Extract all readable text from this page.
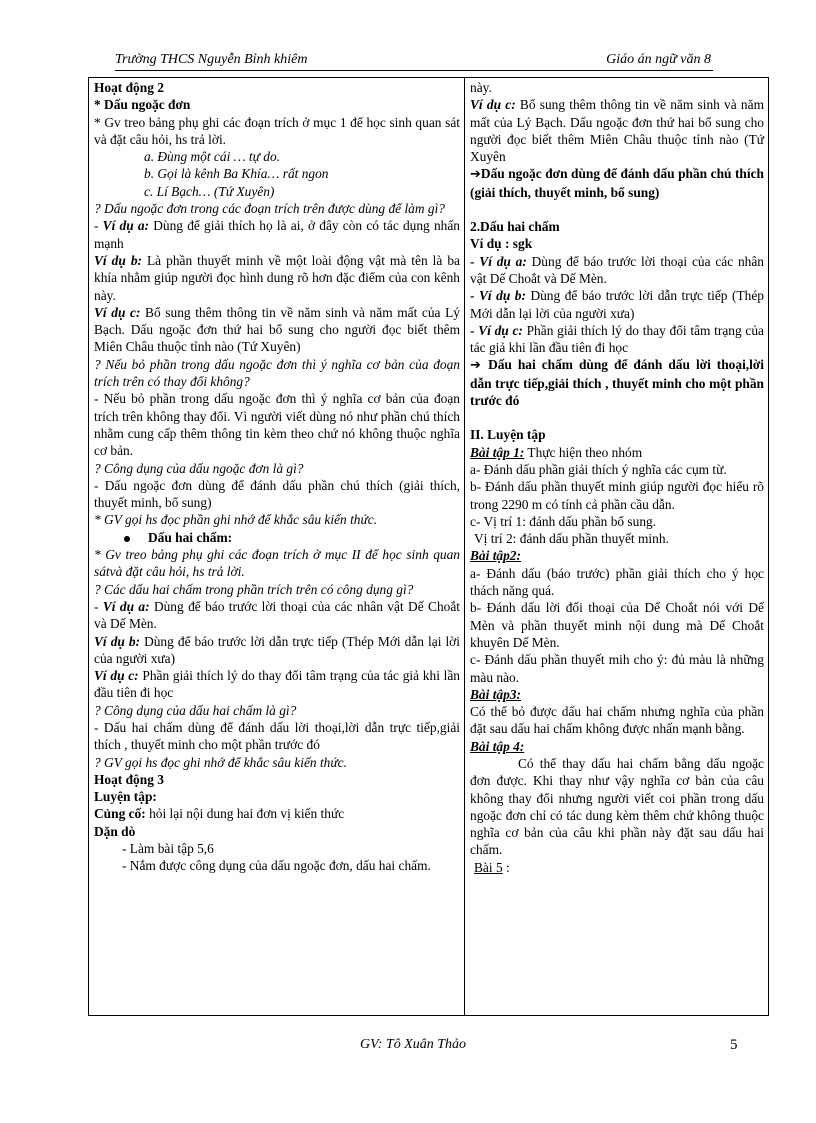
Trường THCS Nguyễn Bỉnh khiêm	Giáo án ngữ văn 8

Hoạt động 2

* Dấu ngoặc đơn

* Gv treo bảng phụ ghi các đoạn trích ở mục 1 để học sinh quan sát và đặt câu hỏi, hs trả lời.

a. Đùng một cái … tự do.

b. Gọi là kênh Ba Khía… rất ngon

c. Lí Bạch… (Tứ Xuyên)

? Dấu ngoặc đơn trong các đoạn trích trên được dùng để làm gì?

- Ví dụ a: Dùng để giải thích họ là ai, ở đây còn có tác dụng nhấn mạnh

Ví dụ b: Là phần thuyết minh về một loài động vật mà tên là ba khía nhằm giúp người đọc hình dung rõ hơn đặc điểm của con kênh này.

Ví dụ c: Bổ sung thêm thông tin về năm sinh và năm mất của Lý Bạch. Dấu ngoặc đơn thứ hai bổ sung cho người đọc biết thêm Miên Châu thuộc tỉnh nào (Tứ Xuyên)

? Nếu bỏ phần trong dấu ngoặc đơn thì ý nghĩa cơ bản của đoạn trích trên có thay đổi không?

- Nếu bỏ phần trong dấu ngoặc đơn thì ý nghĩa cơ bản của đoạn trích trên không thay đổi. Vì người viết dùng nó như phần chú thích nhằm cung cấp thêm thông tin kèm theo chứ nó không thuộc nghĩa cơ bản.

? Công dụng của dấu ngoặc đơn là gì?

- Dấu ngoặc đơn dùng để đánh dấu phần chú thích (giải thích, thuyết minh, bổ sung)

* GV gọi hs đọc phần ghi nhớ để khắc sâu kiến thức.

Dấu hai chấm:

* Gv treo bảng phụ ghi các đoạn trích ở mục II để học sinh quan sátvà đặt câu hỏi, hs trả lời.

? Các dấu hai chấm trong phần trích trên có công dụng gì?

- Ví dụ a: Dùng để báo trước lời thoại của các nhân vật Dế Choắt và Dế Mèn.

Ví dụ b: Dùng để báo trước lời dẫn trực tiếp (Thép Mới dẫn lại lời của người xưa)

Ví dụ c: Phần giải thích lý do thay đổi tâm trạng của tác giả khi lần đầu tiên đi học

? Công dụng của dấu hai chấm là gì?

- Dấu hai chấm dùng để đánh dấu lời thoại,lời dẫn trực tiếp,giải thích , thuyết minh cho một phần trước đó

? GV gọi hs đọc ghi nhớ để khắc sâu kiến thức.

Hoạt động 3

Luyện tập:

Củng cố: hỏi lại nội dung hai đơn vị kiến thức

Dặn dò

- Làm bài tập 5,6

- Nắm được công dụng của dấu ngoặc đơn, dấu hai chấm.

này.

Ví dụ c: Bổ sung thêm thông tin về năm sinh và năm mất của Lý Bạch. Dấu ngoặc đơn thứ hai bổ sung cho người đọc biết thêm Miên Châu thuộc tỉnh nào (Tứ Xuyên

➔Dấu ngoặc đơn dùng để đánh dấu phần chú thích (giải thích, thuyết minh, bổ sung)

2.Dấu hai chấm

Ví dụ : sgk

- Ví dụ a: Dùng để báo trước lời thoại của các nhân vật Dế Choắt và Dế Mèn.

- Ví dụ b: Dùng để báo trước lời dẫn trực tiếp (Thép Mới dẫn lại lời của người xưa)

- Ví dụ c: Phần giải thích lý do thay đổi tâm trạng của tác giả khi lần đầu tiên đi học

➔ Dấu hai chấm dùng để đánh dấu lời thoại,lời dẫn trực tiếp,giải thích , thuyết minh cho một phần trước đó

II. Luyện tập

Bài tập 1: Thực hiện theo nhóm

a- Đánh dấu phần giải thích ý nghĩa các cụm từ.

b- Đánh dấu phần thuyết minh giúp người đọc hiểu rõ trong 2290 m có tính cả phần cầu dẫn.

c- Vị trí 1: đánh dấu phần bổ sung.

Vị trí 2: đánh dấu phần thuyết minh.

Bài tập2:

a- Đánh dấu (báo trước) phần giải thích cho ý học thách năng quá.

b- Đánh dấu lời đối thoại của Dế Choắt nói với Dế Mèn và phần thuyết minh nội dung mà Dế Choắt khuyên Dế Mèn.

c- Đánh dấu phần thuyết mih cho ý: đủ màu là những màu nào.

Bài tập3:

Có thể bỏ được dấu hai chấm nhưng nghĩa của phần đặt sau dấu hai chấm không được nhấn mạnh bằng.

Bài tập 4:

Có thể thay dấu hai chấm bằng dấu ngoặc đơn được. Khi thay như vậy nghĩa cơ bản của câu không thay đổi nhưng người viết coi phần trong dấu ngoặc đơn chỉ có tác dung kèm thêm chứ không thuộc nghĩa cơ bản của câu khi phần này đặt sau dấu hai chấm.

Bài 5 :

GV: Tô Xuân Thảo	5
